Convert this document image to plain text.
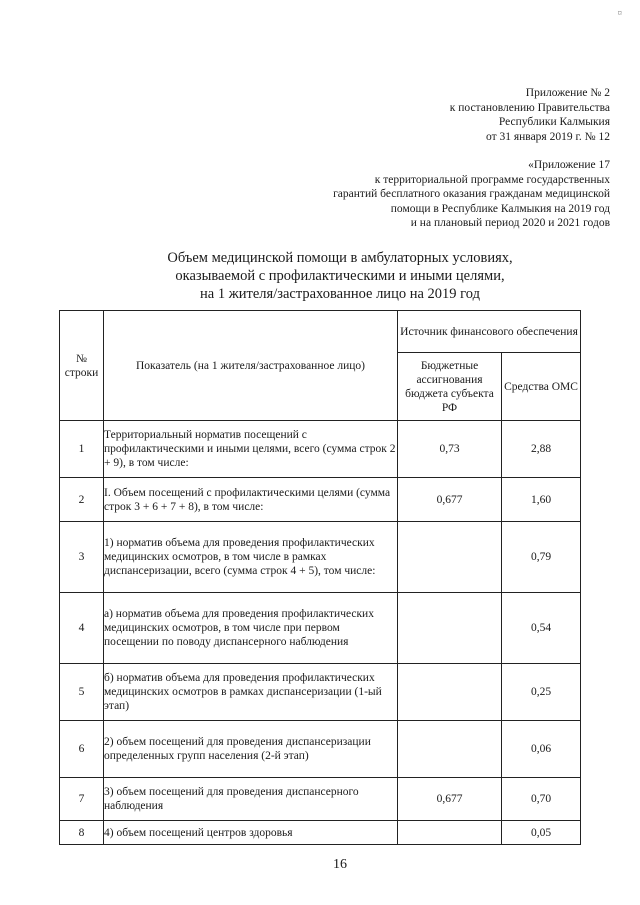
¤
Приложение № 2
к постановлению Правительства
Республики Калмыкия
от 31 января 2019 г. № 12
«Приложение 17
к территориальной программе государственных
гарантий бесплатного оказания гражданам медицинской
помощи в Республике Калмыкия на 2019 год
и на плановый период 2020 и 2021 годов
Объем медицинской помощи в амбулаторных условиях,
оказываемой с профилактическими и иными целями,
на 1 жителя/застрахованное лицо на 2019 год
№ строки	Показатель (на 1 жителя/застрахованное лицо)	Источник финансового обеспечения	
		Бюджетные ассигнования бюджета субъекта РФ	Средства ОМС
1	Территориальный норматив посещений с профилактическими и иными целями, всего (сумма строк 2 + 9), в том числе:	0,73	2,88
2	I. Объем посещений с профилактическими целями (сумма строк 3 + 6 + 7 + 8), в том числе:	0,677	1,60
3	1) норматив объема для проведения профилактических медицинских осмотров, в том числе в рамках диспансеризации, всего (сумма строк 4 + 5), том числе:		0,79
4	а) норматив объема для проведения профилактических медицинских осмотров, в том числе при первом посещении по поводу диспансерного наблюдения		0,54
5	б) норматив объема для проведения профилактических медицинских осмотров в рамках диспансеризации (1-ый этап)		0,25
6	2) объем посещений для проведения диспансеризации определенных групп населения (2-й этап)		0,06
7	3) объем посещений для проведения диспансерного наблюдения	0,677	0,70
8	4) объем посещений центров здоровья		0,05
16
